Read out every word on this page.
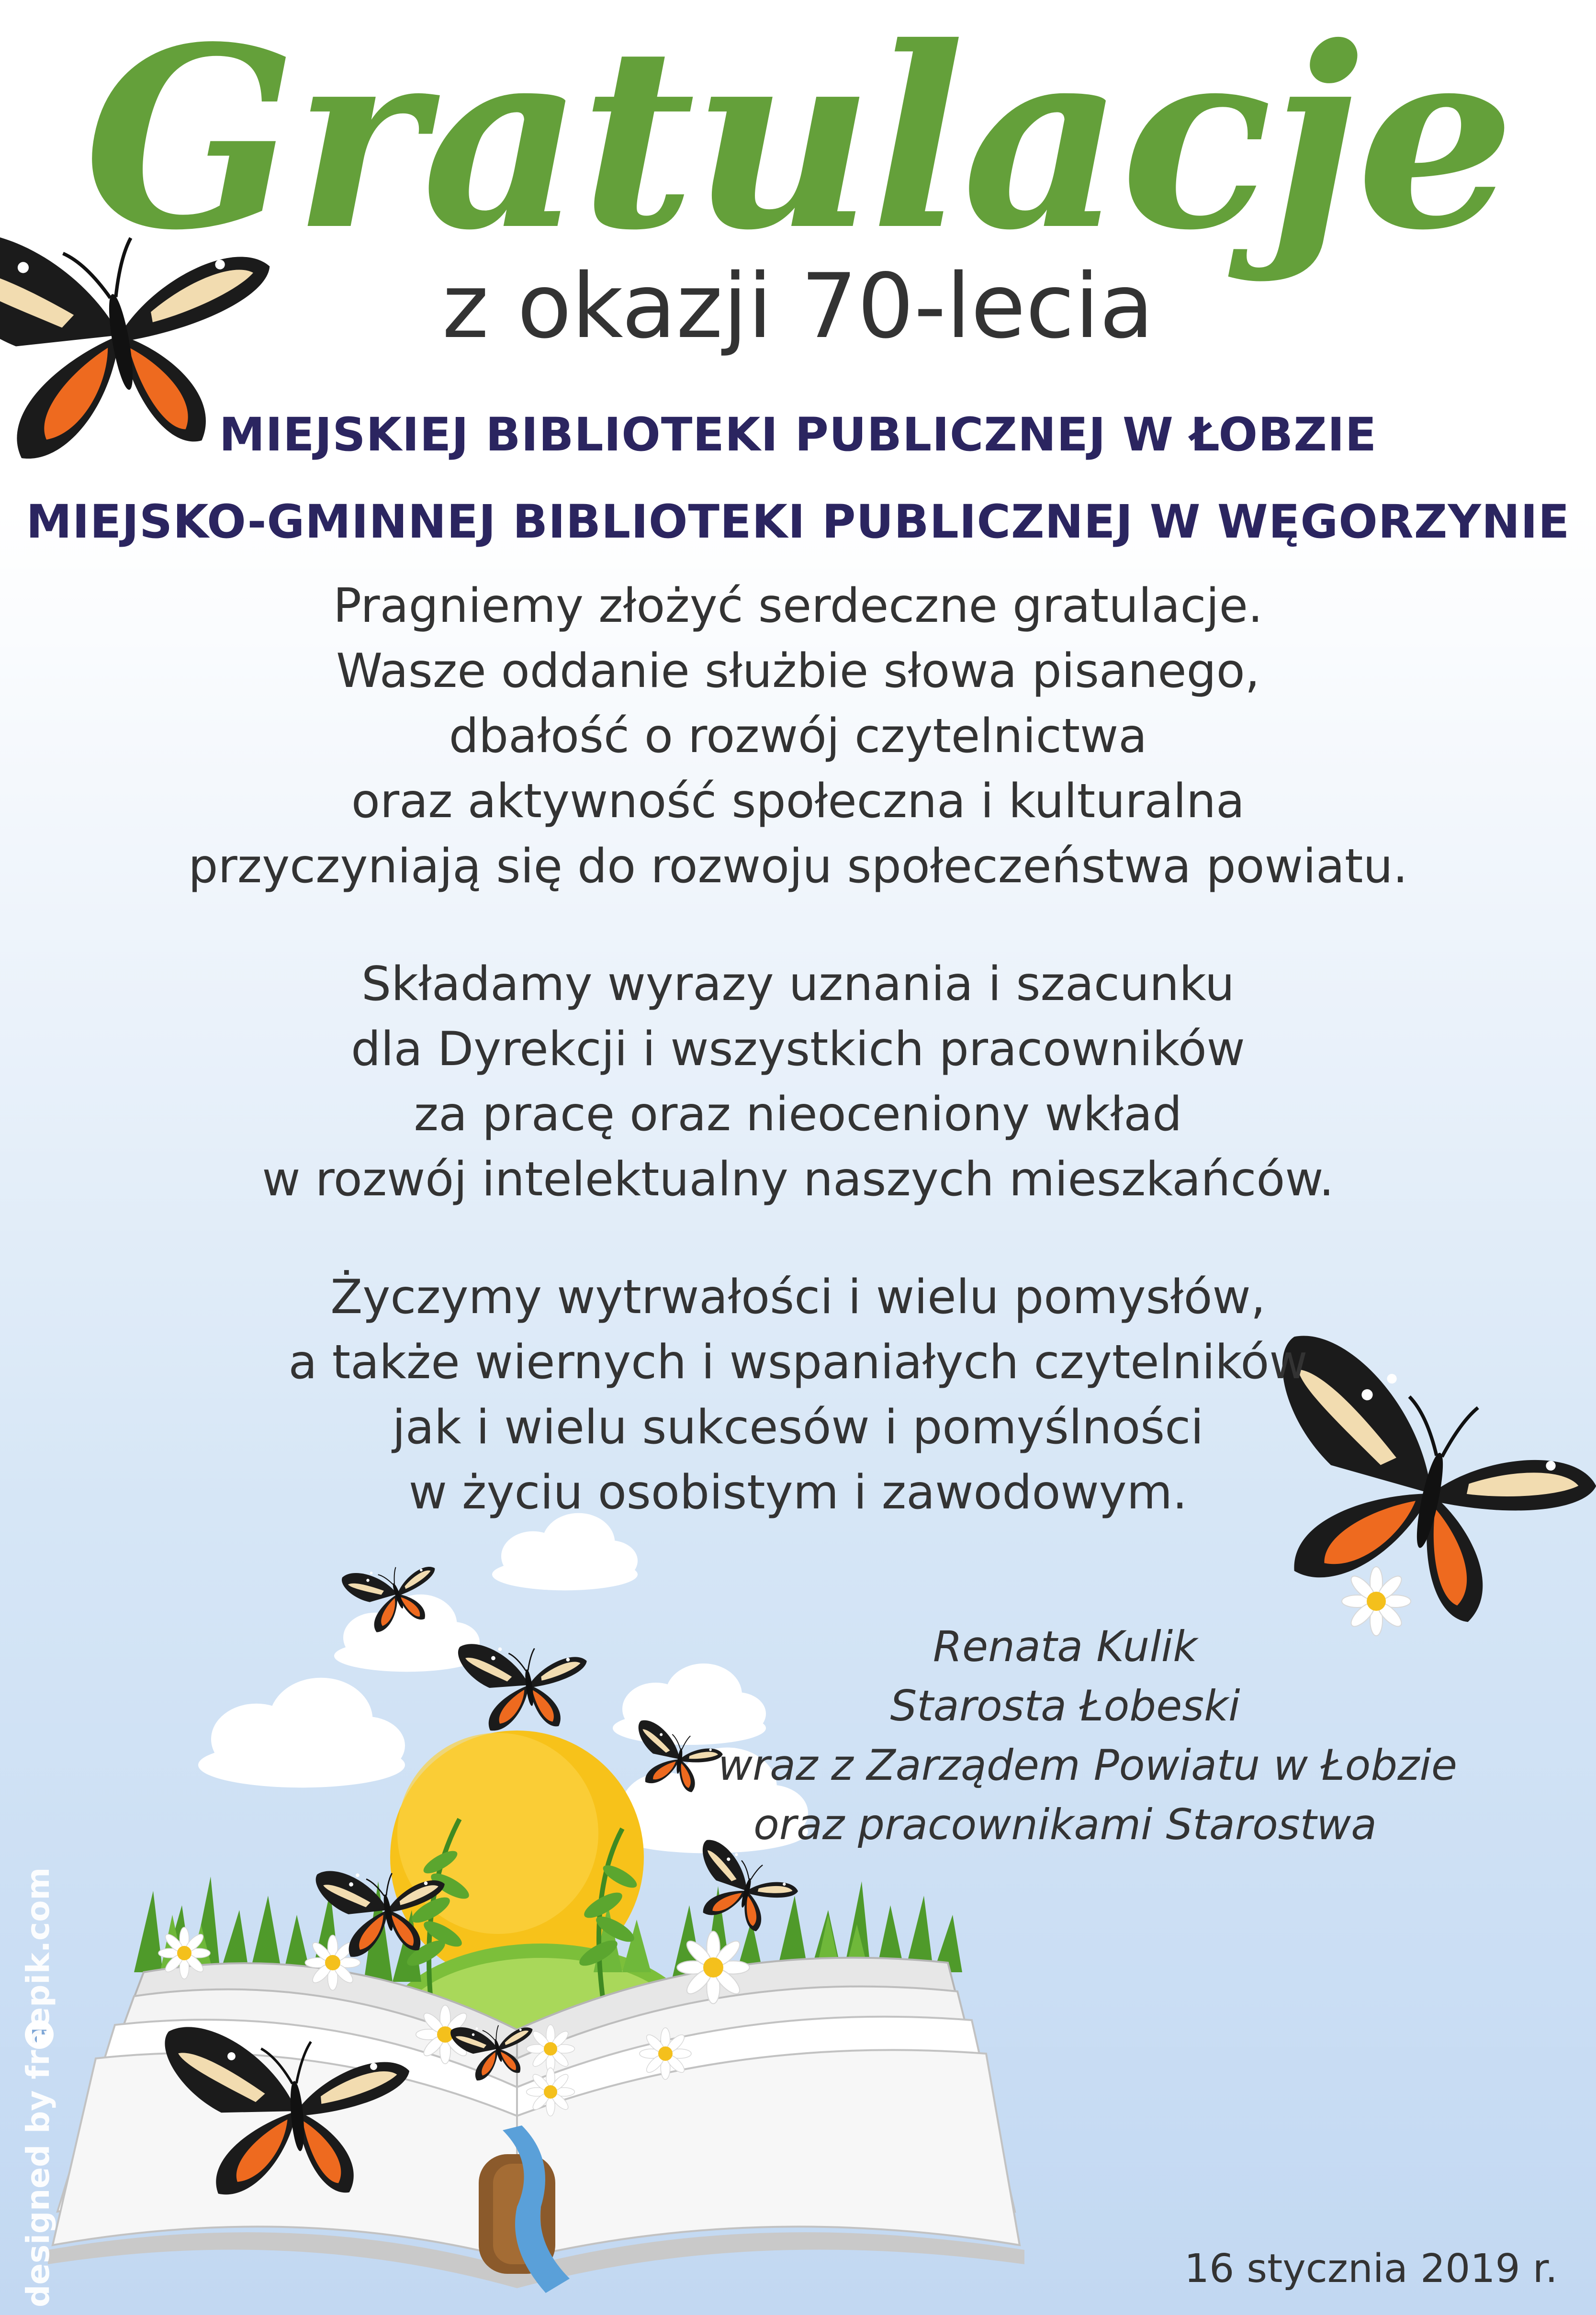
Gratulacje
z okazji 70-lecia
MIEJSKIEJ BIBLIOTEKI PUBLICZNEJ W ŁOBZIE
MIEJSKO-GMINNEJ BIBLIOTEKI PUBLICZNEJ W WĘGORZYNIE
Pragniemy złożyć serdeczne gratulacje.
Wasze oddanie służbie słowa pisanego,
dbałość o rozwój czytelnictwa
oraz aktywność społeczna i kulturalna
przyczyniają się do rozwoju społeczeństwa powiatu.
Składamy wyrazy uznania i szacunku
dla Dyrekcji i wszystkich pracowników
za pracę oraz nieoceniony wkład
w rozwój intelektualny naszych mieszkańców.
Życzymy wytrwałości i wielu pomysłów,
a także wiernych i wspaniałych czytelników
jak i wielu sukcesów i pomyślności
w życiu osobistym i zawodowym.
Renata Kulik
Starosta Łobeski
wraz z Zarządem Powiatu w Łobzie
oraz pracownikami Starostwa
16 stycznia 2019 r.
designed by freepik.com
